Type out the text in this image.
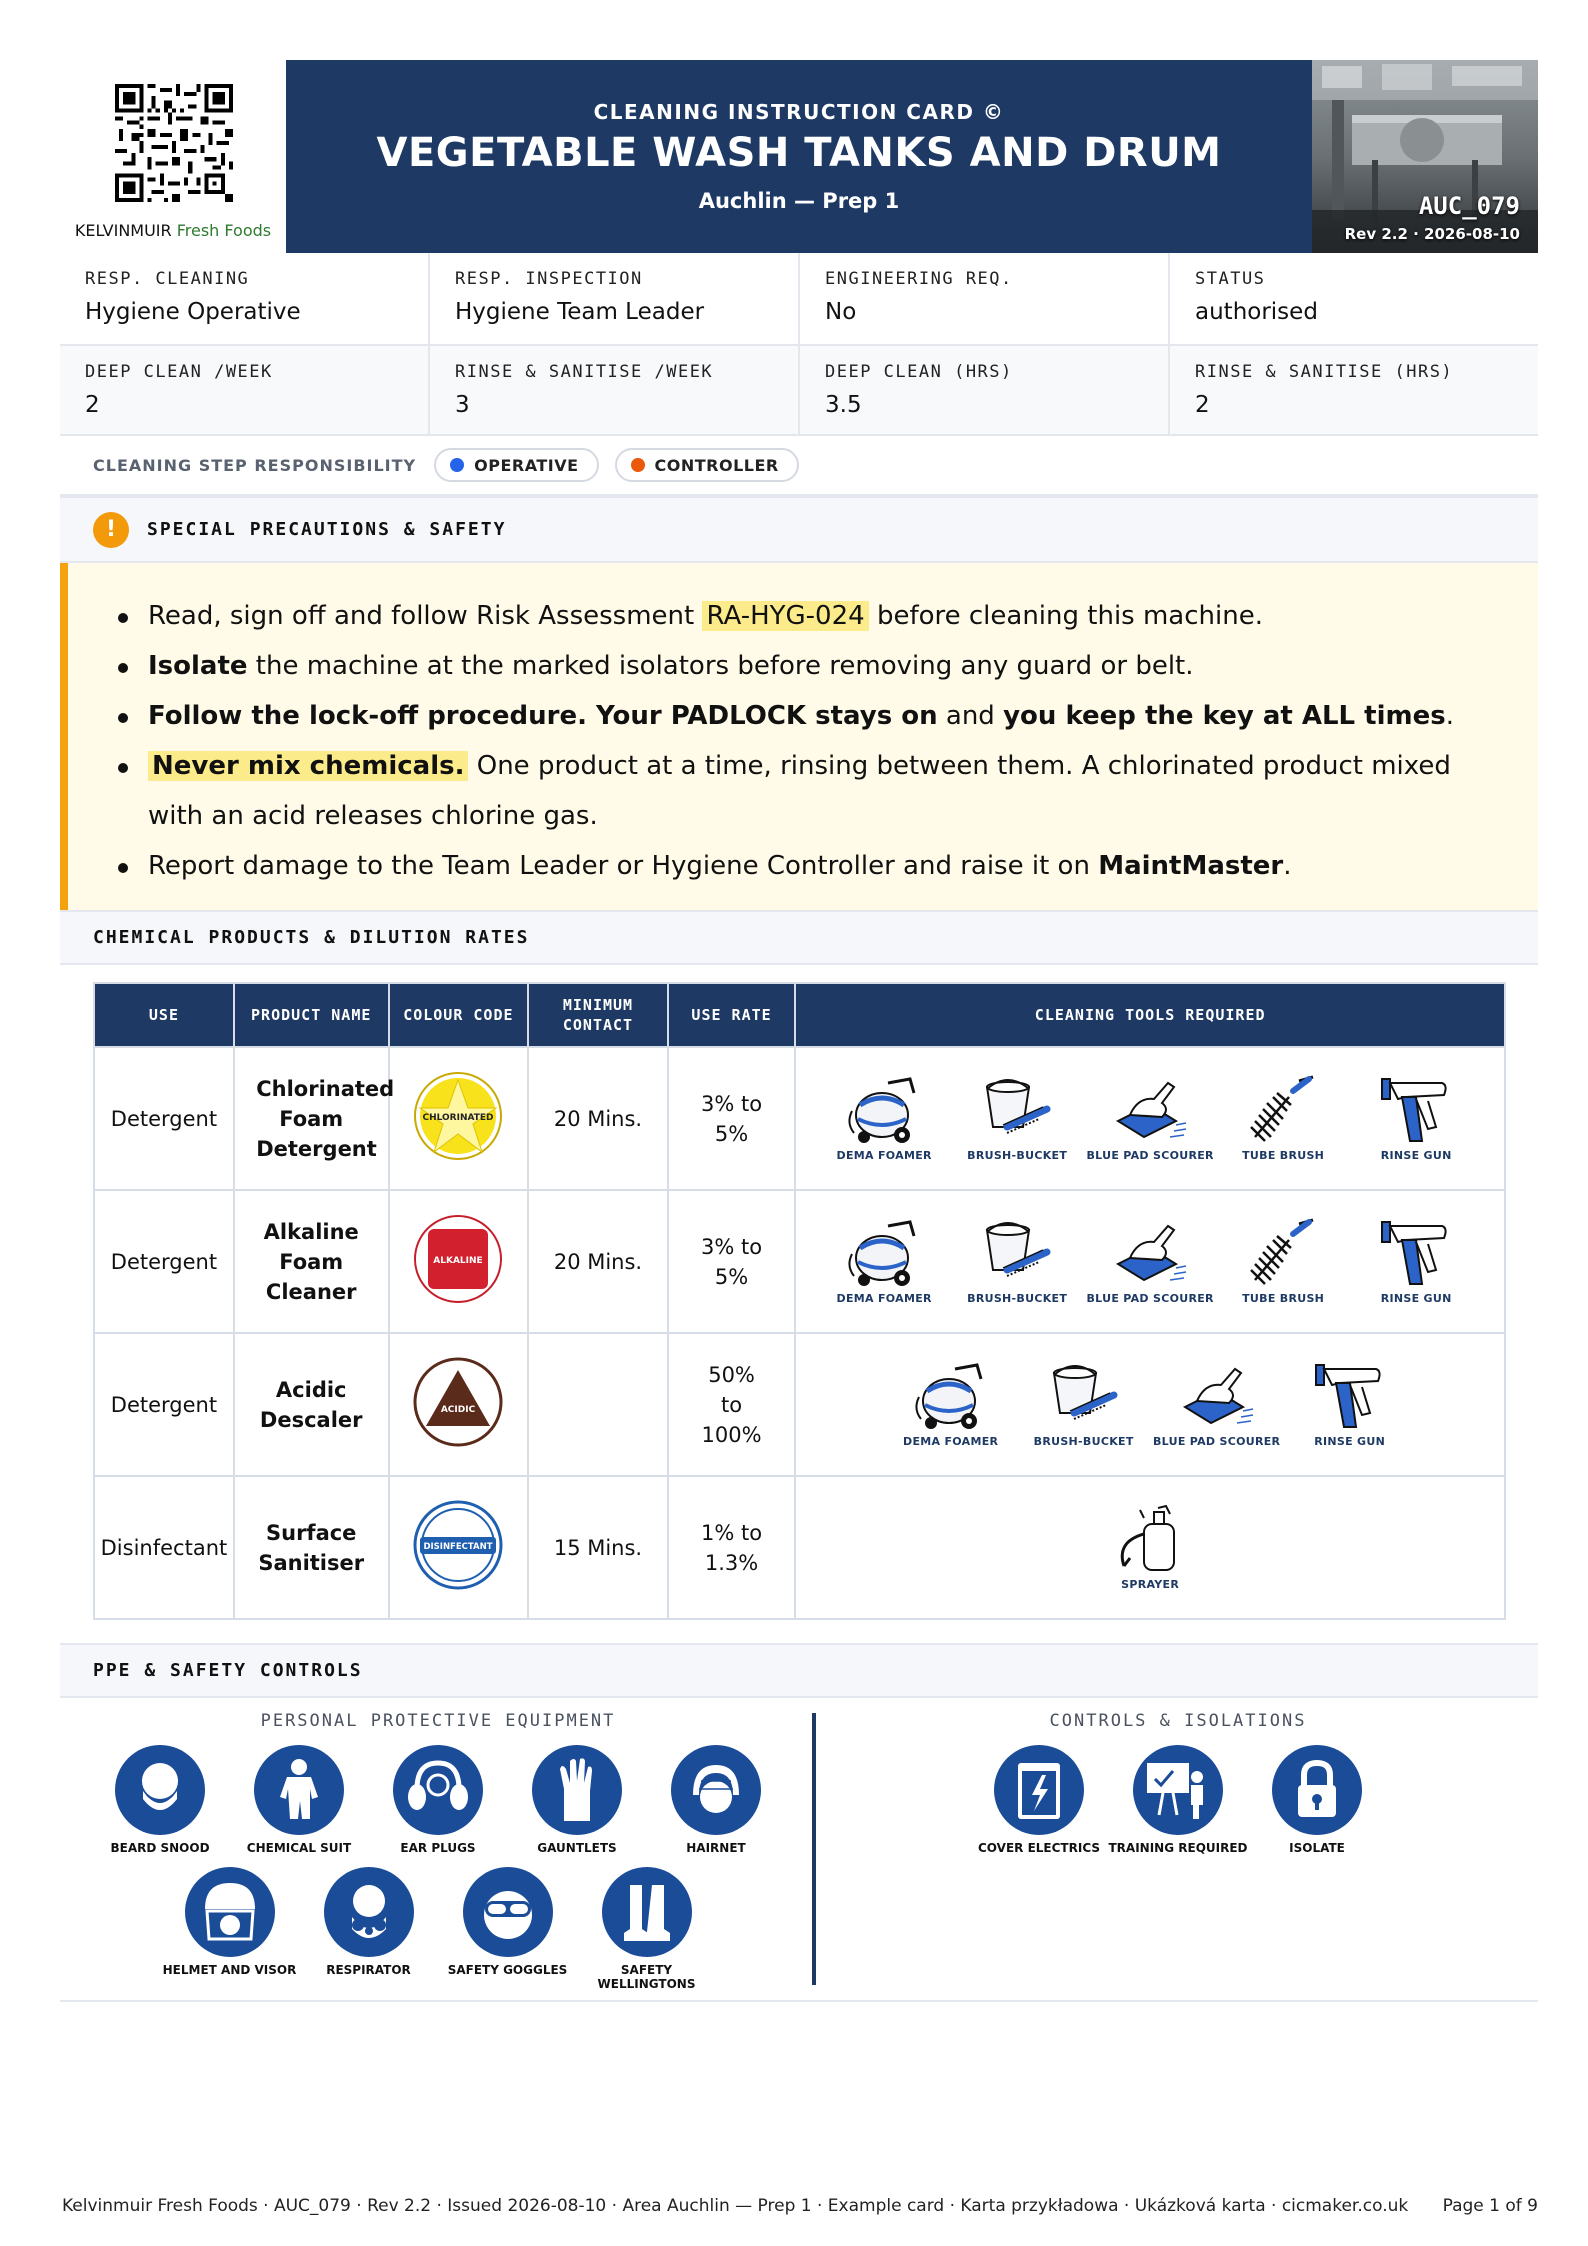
KELVINMUIR Fresh Foods
CLEANING INSTRUCTION CARD ©
VEGETABLE WASH TANKS AND DRUM
Auchlin — Prep 1	AUC_079
Rev 2.2 · 2026-08-10
RESP. CLEANING
Hygiene Operative
RESP. INSPECTION
Hygiene Team Leader
ENGINEERING REQ.
No
STATUS
authorised
DEEP CLEAN /WEEK
2
RINSE & SANITISE /WEEK
3
DEEP CLEAN (HRS)
3.5
RINSE & SANITISE (HRS)
2
CLEANING STEP RESPONSIBILITY	OPERATIVE	CONTROLLER
!	SPECIAL PRECAUTIONS & SAFETY
Read, sign off and follow Risk Assessment RA-HYG-024 before cleaning this machine.
Isolate the machine at the marked isolators before removing any guard or belt.
Follow the lock-off procedure. Your PADLOCK stays on and you keep the key at ALL times.
Never mix chemicals. One product at a time, rinsing between them. A chlorinated product mixed with an acid releases chlorine gas.
Report damage to the Team Leader or Hygiene Controller and raise it on MaintMaster.
CHEMICAL PRODUCTS & DILUTION RATES
USE	PRODUCT NAME	COLOUR CODE	MINIMUM CONTACT	USE RATE	CLEANING TOOLS REQUIRED
Detergent	Chlorinated Foam Detergent	CHLORINATED	20 Mins.	3% to 5%	DEMA FOAMER BRUSH-BUCKET BLUE PAD SCOURER TUBE BRUSH RINSE GUN

Detergent	Alkaline Foam Cleaner	ALKALINE	20 Mins.	3% to 5%	DEMA FOAMER BRUSH-BUCKET BLUE PAD SCOURER TUBE BRUSH RINSE GUN

Detergent	Acidic Descaler	ACIDIC		50% to 100%	DEMA FOAMER BRUSH-BUCKET BLUE PAD SCOURER RINSE GUN

Disinfectant	Surface Sanitiser	DISINFECTANT	15 Mins.	1% to 1.3%	SPRAYER
PPE & SAFETY CONTROLS
PERSONAL PROTECTIVE EQUIPMENT
BEARD SNOOD	CHEMICAL SUIT	EAR PLUGS	GAUNTLETS	HAIRNET
HELMET AND VISOR	RESPIRATOR	SAFETY GOGGLES	SAFETY WELLINGTONS
CONTROLS & ISOLATIONS
COVER ELECTRICS TRAINING REQUIRED	ISOLATE
Kelvinmuir Fresh Foods · AUC_079 · Rev 2.2 · Issued 2026-08-10 · Area Auchlin — Prep 1 · Example card · Karta przykładowa · Ukázková karta · cicmaker.co.uk Page 1 of 9
